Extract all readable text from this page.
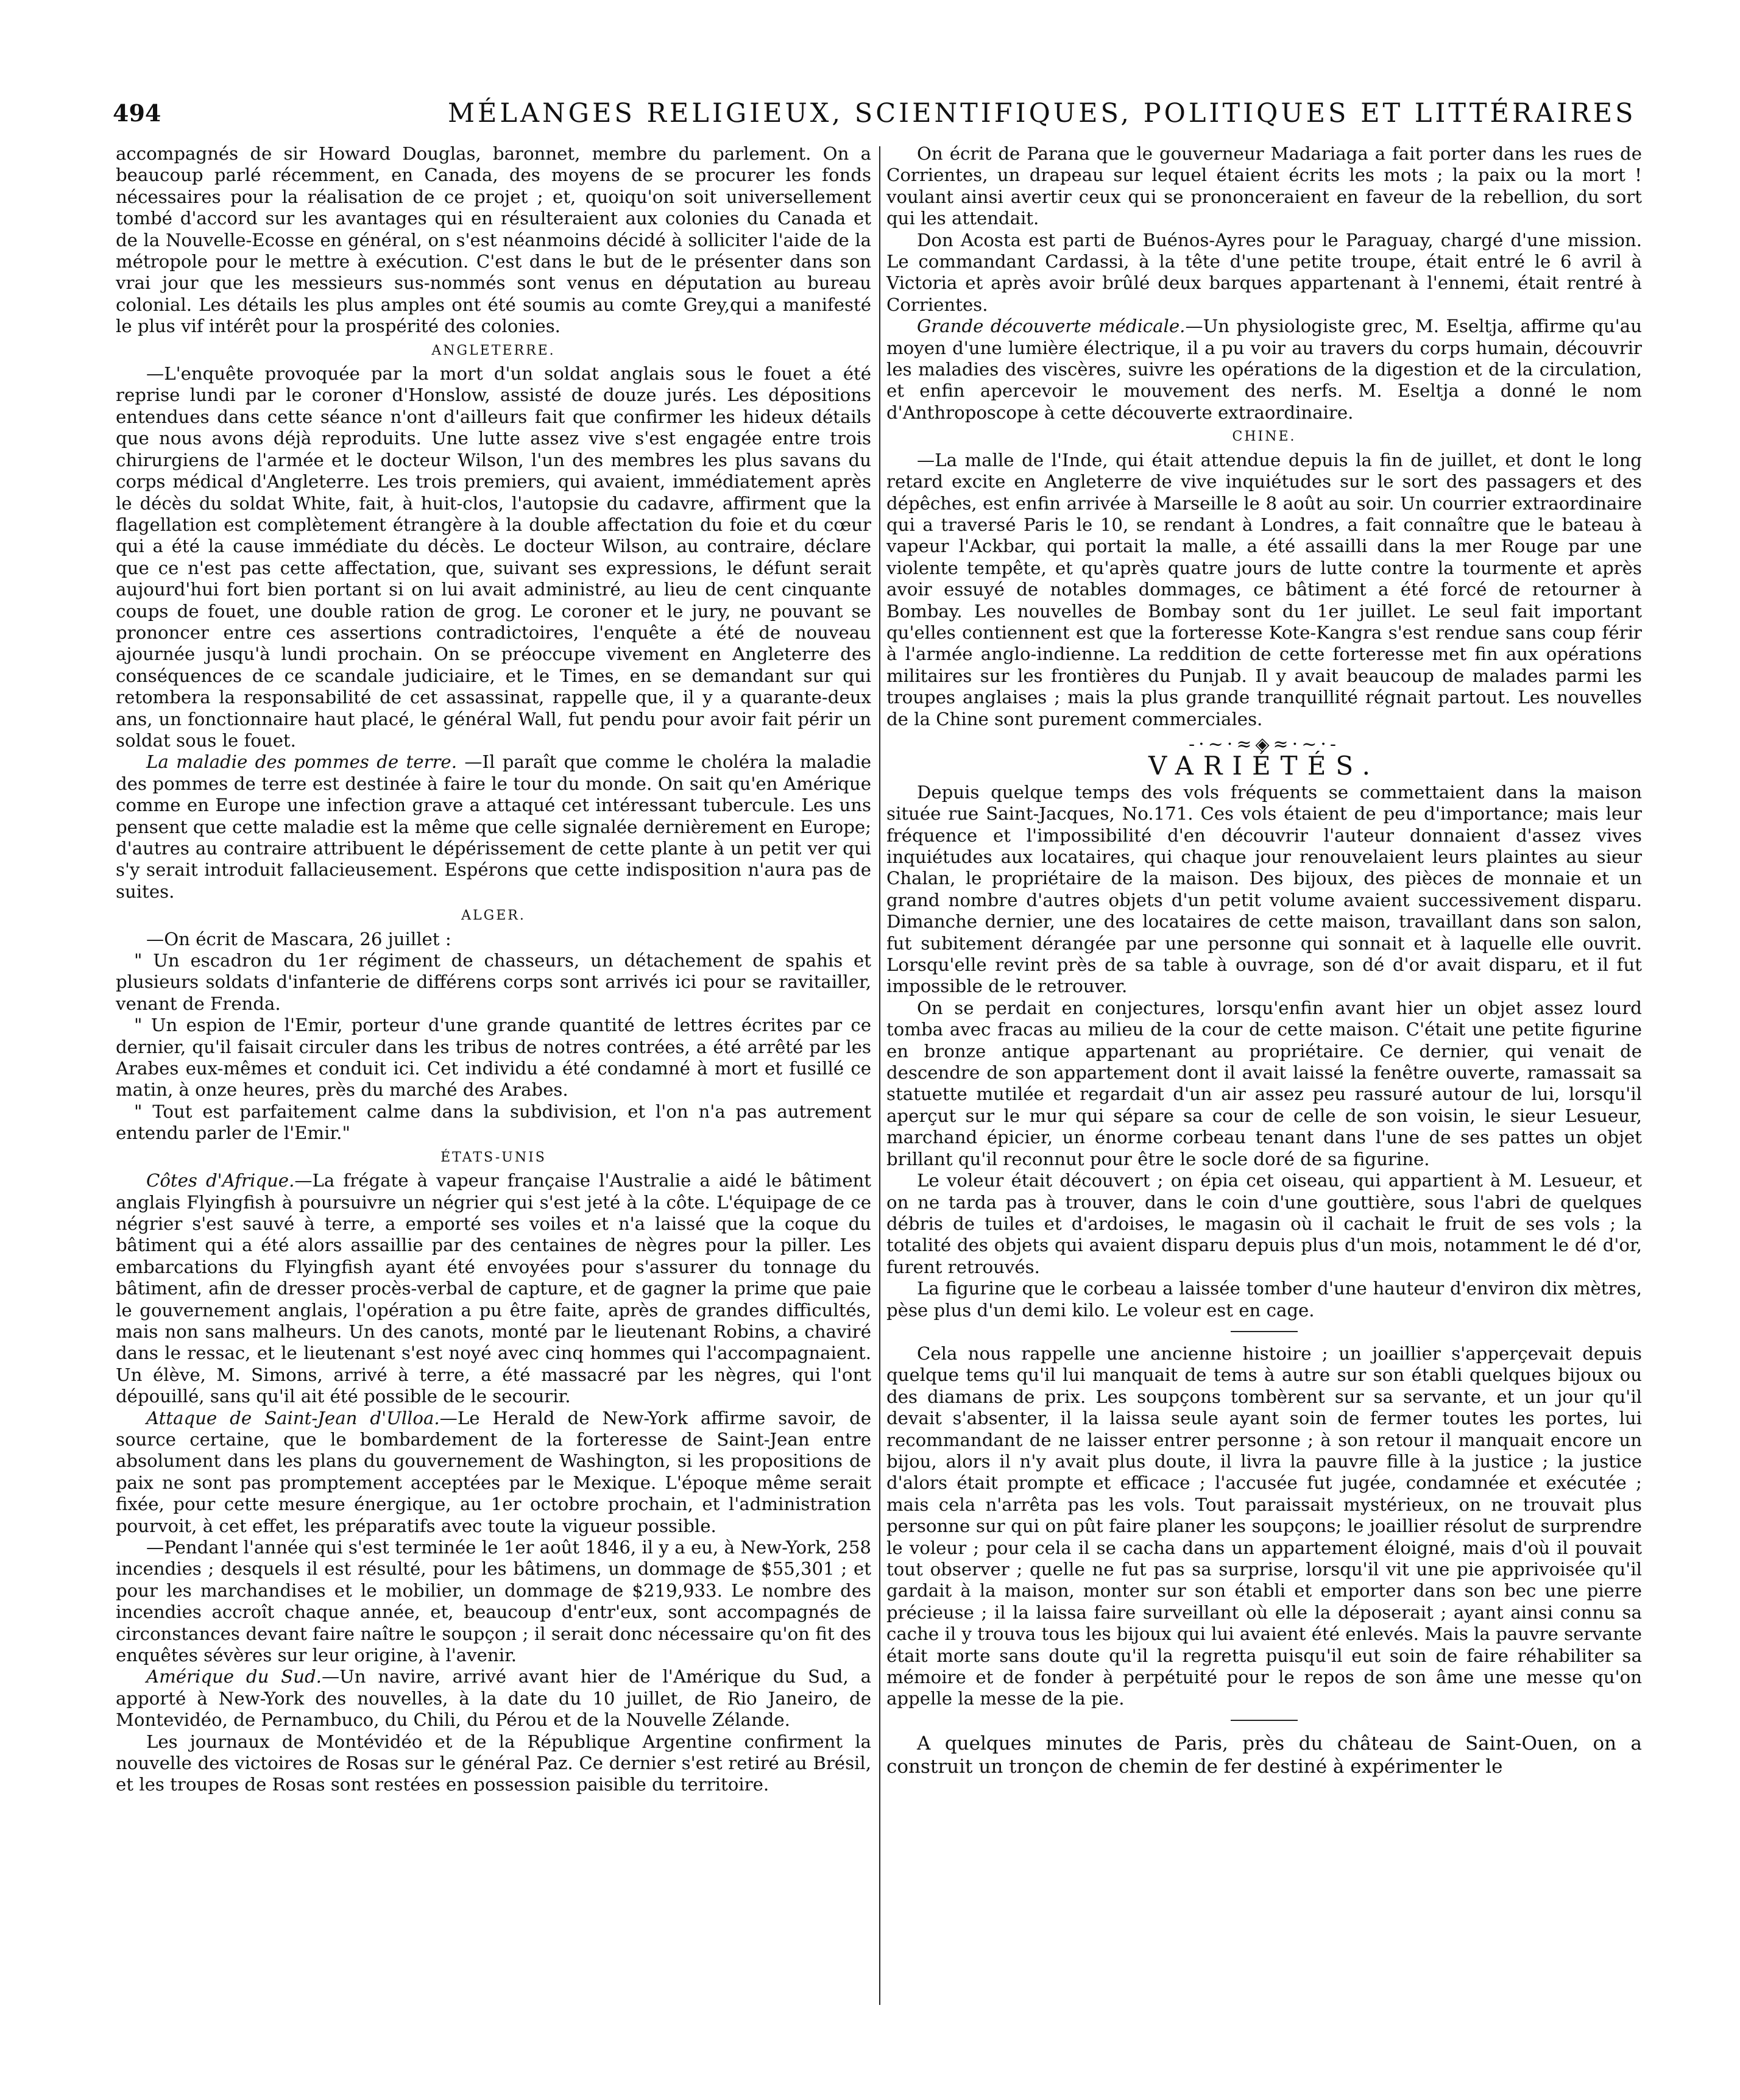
494	MÉLANGES RELIGIEUX, SCIENTIFIQUES, POLITIQUES ET LITTÉRAIRES

accompagnés de sir Howard Douglas, baronnet, membre du parlement. On a beaucoup parlé récemment, en Canada, des moyens de se procurer les fonds nécessaires pour la réalisation de ce projet ; et, quoiqu'on soit universellement tombé d'accord sur les avantages qui en résulteraient aux colonies du Canada et de la Nouvelle-Ecosse en général, on s'est néanmoins décidé à solliciter l'aide de la métropole pour le mettre à exécution. C'est dans le but de le présenter dans son vrai jour que les messieurs sus-nommés sont venus en députation au bureau colonial. Les détails les plus amples ont été soumis au comte Grey,qui a manifesté le plus vif intérêt pour la prospérité des colonies.

ANGLETERRE.

—L'enquête provoquée par la mort d'un soldat anglais sous le fouet a été reprise lundi par le coroner d'Honslow, assisté de douze jurés. Les dépositions entendues dans cette séance n'ont d'ailleurs fait que confirmer les hideux détails que nous avons déjà reproduits. Une lutte assez vive s'est engagée entre trois chirurgiens de l'armée et le docteur Wilson, l'un des membres les plus savans du corps médical d'Angleterre. Les trois premiers, qui avaient, immédiatement après le décès du soldat White, fait, à huit-clos, l'autopsie du cadavre, affirment que la flagellation est complètement étrangère à la double affectation du foie et du cœur qui a été la cause immédiate du décès. Le docteur Wilson, au contraire, déclare que ce n'est pas cette affectation, que, suivant ses expressions, le défunt serait aujourd'hui fort bien portant si on lui avait administré, au lieu de cent cinquante coups de fouet, une double ration de grog. Le coroner et le jury, ne pouvant se prononcer entre ces assertions contradictoires, l'enquête a été de nouveau ajournée jusqu'à lundi prochain. On se préoccupe vivement en Angleterre des conséquences de ce scandale judiciaire, et le Times, en se demandant sur qui retombera la responsabilité de cet assassinat, rappelle que, il y a quarante-deux ans, un fonctionnaire haut placé, le général Wall, fut pendu pour avoir fait périr un soldat sous le fouet.

La maladie des pommes de terre. —Il paraît que comme le choléra la maladie des pommes de terre est destinée à faire le tour du monde. On sait qu'en Amérique comme en Europe une infection grave a attaqué cet intéressant tubercule. Les uns pensent que cette maladie est la même que celle signalée dernièrement en Europe; d'autres au contraire attribuent le dépérissement de cette plante à un petit ver qui s'y serait introduit fallacieusement. Espérons que cette indisposition n'aura pas de suites.

ALGER.

—On écrit de Mascara, 26 juillet :

" Un escadron du 1er régiment de chasseurs, un détachement de spahis et plusieurs soldats d'infanterie de différens corps sont arrivés ici pour se ravitailler, venant de Frenda.

" Un espion de l'Emir, porteur d'une grande quantité de lettres écrites par ce dernier, qu'il faisait circuler dans les tribus de notres contrées, a été arrêté par les Arabes eux-mêmes et conduit ici. Cet individu a été condamné à mort et fusillé ce matin, à onze heures, près du marché des Arabes.

" Tout est parfaitement calme dans la subdivision, et l'on n'a pas autrement entendu parler de l'Emir."

ÉTATS-UNIS

Côtes d'Afrique.—La frégate à vapeur française l'Australie a aidé le bâtiment anglais Flyingfish à poursuivre un négrier qui s'est jeté à la côte. L'équipage de ce négrier s'est sauvé à terre, a emporté ses voiles et n'a laissé que la coque du bâtiment qui a été alors assaillie par des centaines de nègres pour la piller. Les embarcations du Flyingfish ayant été envoyées pour s'assurer du tonnage du bâtiment, afin de dresser procès-verbal de capture, et de gagner la prime que paie le gouvernement anglais, l'opération a pu être faite, après de grandes difficultés, mais non sans malheurs. Un des canots, monté par le lieutenant Robins, a chaviré dans le ressac, et le lieutenant s'est noyé avec cinq hommes qui l'accompagnaient. Un élève, M. Simons, arrivé à terre, a été massacré par les nègres, qui l'ont dépouillé, sans qu'il ait été possible de le secourir.

Attaque de Saint-Jean d'Ulloa.—Le Herald de New-York affirme savoir, de source certaine, que le bombardement de la forteresse de Saint-Jean entre absolument dans les plans du gouvernement de Washington, si les propositions de paix ne sont pas promptement acceptées par le Mexique. L'époque même serait fixée, pour cette mesure énergique, au 1er octobre prochain, et l'administration pourvoit, à cet effet, les préparatifs avec toute la vigueur possible.

—Pendant l'année qui s'est terminée le 1er août 1846, il y a eu, à New-York, 258 incendies ; desquels il est résulté, pour les bâtimens, un dommage de $55,301 ; et pour les marchandises et le mobilier, un dommage de $219,933. Le nombre des incendies accroît chaque année, et, beaucoup d'entr'eux, sont accompagnés de circonstances devant faire naître le soupçon ; il serait donc nécessaire qu'on fit des enquêtes sévères sur leur origine, à l'avenir.

Amérique du Sud.—Un navire, arrivé avant hier de l'Amérique du Sud, a apporté à New-York des nouvelles, à la date du 10 juillet, de Rio Janeiro, de Montevidéo, de Pernambuco, du Chili, du Pérou et de la Nouvelle Zélande.

Les journaux de Montévidéo et de la République Argentine confirment la nouvelle des victoires de Rosas sur le général Paz. Ce dernier s'est retiré au Brésil, et les troupes de Rosas sont restées en possession paisible du territoire.

On écrit de Parana que le gouverneur Madariaga a fait porter dans les rues de Corrientes, un drapeau sur lequel étaient écrits les mots ; la paix ou la mort ! voulant ainsi avertir ceux qui se prononceraient en faveur de la rebellion, du sort qui les attendait.

Don Acosta est parti de Buénos-Ayres pour le Paraguay, chargé d'une mission. Le commandant Cardassi, à la tête d'une petite troupe, était entré le 6 avril à Victoria et après avoir brûlé deux barques appartenant à l'ennemi, était rentré à Corrientes.

Grande découverte médicale.—Un physiologiste grec, M. Eseltja, affirme qu'au moyen d'une lumière électrique, il a pu voir au travers du corps humain, découvrir les maladies des viscères, suivre les opérations de la digestion et de la circulation, et enfin apercevoir le mouvement des nerfs. M. Eseltja a donné le nom d'Anthroposcope à cette découverte extraordinaire.

CHINE.

—La malle de l'Inde, qui était attendue depuis la fin de juillet, et dont le long retard excite en Angleterre de vive inquiétudes sur le sort des passagers et des dépêches, est enfin arrivée à Marseille le 8 août au soir. Un courrier extraordinaire qui a traversé Paris le 10, se rendant à Londres, a fait connaître que le bateau à vapeur l'Ackbar, qui portait la malle, a été assailli dans la mer Rouge par une violente tempête, et qu'après quatre jours de lutte contre la tourmente et après avoir essuyé de notables dommages, ce bâtiment a été forcé de retourner à Bombay. Les nouvelles de Bombay sont du 1er juillet. Le seul fait important qu'elles contiennent est que la forteresse Kote-Kangra s'est rendue sans coup férir à l'armée anglo-indienne. La reddition de cette forteresse met fin aux opérations militaires sur les frontières du Punjab. Il y avait beaucoup de malades parmi les troupes anglaises ; mais la plus grande tranquillité régnait partout. Les nouvelles de la Chine sont purement commerciales.

-·~·≈◈≈·~·-
VARIÉTÉS.

Depuis quelque temps des vols fréquents se commettaient dans la maison située rue Saint-Jacques, No.171. Ces vols étaient de peu d'importance; mais leur fréquence et l'impossibilité d'en découvrir l'auteur donnaient d'assez vives inquiétudes aux locataires, qui chaque jour renouvelaient leurs plaintes au sieur Chalan, le propriétaire de la maison. Des bijoux, des pièces de monnaie et un grand nombre d'autres objets d'un petit volume avaient successivement disparu. Dimanche dernier, une des locataires de cette maison, travaillant dans son salon, fut subitement dérangée par une personne qui sonnait et à laquelle elle ouvrit. Lorsqu'elle revint près de sa table à ouvrage, son dé d'or avait disparu, et il fut impossible de le retrouver.

On se perdait en conjectures, lorsqu'enfin avant hier un objet assez lourd tomba avec fracas au milieu de la cour de cette maison. C'était une petite figurine en bronze antique appartenant au propriétaire. Ce dernier, qui venait de descendre de son appartement dont il avait laissé la fenêtre ouverte, ramassait sa statuette mutilée et regardait d'un air assez peu rassuré autour de lui, lorsqu'il aperçut sur le mur qui sépare sa cour de celle de son voisin, le sieur Lesueur, marchand épicier, un énorme corbeau tenant dans l'une de ses pattes un objet brillant qu'il reconnut pour être le socle doré de sa figurine.

Le voleur était découvert ; on épia cet oiseau, qui appartient à M. Lesueur, et on ne tarda pas à trouver, dans le coin d'une gouttière, sous l'abri de quelques débris de tuiles et d'ardoises, le magasin où il cachait le fruit de ses vols ; la totalité des objets qui avaient disparu depuis plus d'un mois, notamment le dé d'or, furent retrouvés.

La figurine que le corbeau a laissée tomber d'une hauteur d'environ dix mètres, pèse plus d'un demi kilo. Le voleur est en cage.

Cela nous rappelle une ancienne histoire ; un joaillier s'apperçevait depuis quelque tems qu'il lui manquait de tems à autre sur son établi quelques bijoux ou des diamans de prix. Les soupçons tombèrent sur sa servante, et un jour qu'il devait s'absenter, il la laissa seule ayant soin de fermer toutes les portes, lui recommandant de ne laisser entrer personne ; à son retour il manquait encore un bijou, alors il n'y avait plus doute, il livra la pauvre fille à la justice ; la justice d'alors était prompte et efficace ; l'accusée fut jugée, condamnée et exécutée ; mais cela n'arrêta pas les vols. Tout paraissait mystérieux, on ne trouvait plus personne sur qui on pût faire planer les soupçons; le joaillier résolut de surprendre le voleur ; pour cela il se cacha dans un appartement éloigné, mais d'où il pouvait tout observer ; quelle ne fut pas sa surprise, lorsqu'il vit une pie apprivoisée qu'il gardait à la maison, monter sur son établi et emporter dans son bec une pierre précieuse ; il la laissa faire surveillant où elle la déposerait ; ayant ainsi connu sa cache il y trouva tous les bijoux qui lui avaient été enlevés. Mais la pauvre servante était morte sans doute qu'il la regretta puisqu'il eut soin de faire réhabiliter sa mémoire et de fonder à perpétuité pour le repos de son âme une messe qu'on appelle la messe de la pie.

A quelques minutes de Paris, près du château de Saint-Ouen, on a construit un tronçon de chemin de fer destiné à expérimenter le
